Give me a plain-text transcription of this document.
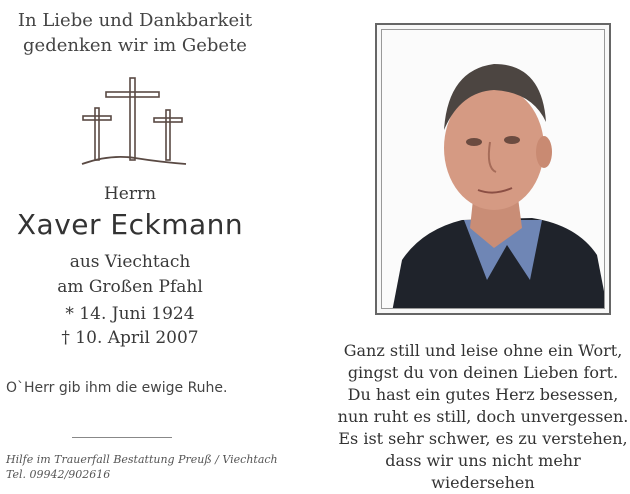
In Liebe und Dankbarkeit
gedenken wir im Gebete
Herrn
Xaver Eckmann
aus Viechtach
am Großen Pfahl
* 14. Juni 1924
† 10. April 2007
O`Herr gib ihm die ewige Ruhe.
Hilfe im Trauerfall Bestattung Preuß / Viechtach
Tel. 09942/902616
Ganz still und leise ohne ein Wort,
gingst du von deinen Lieben fort.
Du hast ein gutes Herz besessen,
nun ruht es still, doch unvergessen.
Es ist sehr schwer, es zu verstehen,
dass wir uns nicht mehr wiedersehen
